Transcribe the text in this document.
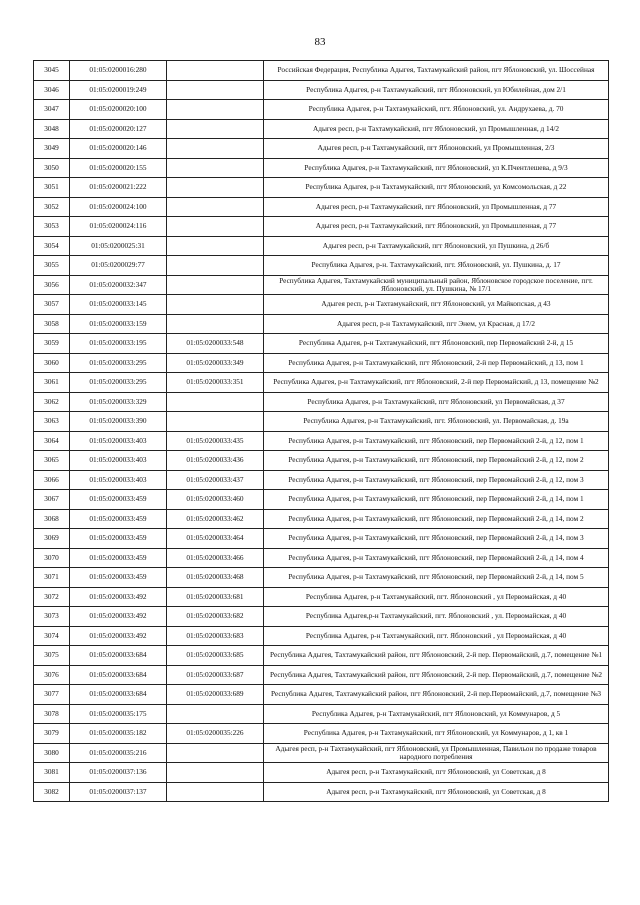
83
3045	01:05:0200016:280		Российская Федерация, Республика Адыгея, Тахтамукайский район, пгт Яблоновский, ул. Шоссейная
3046	01:05:0200019:249		Республика Адыгея, р-н Тахтамукайский, пгт Яблоновский, ул Юбилейная, дом 2/1
3047	01:05:0200020:100		Республика Адыгея, р-н Тахтамукайский, пгт. Яблоновский, ул. Андрухаева, д. 70
3048	01:05:0200020:127		Адыгея респ, р-н Тахтамукайский, пгт Яблоновский, ул Промышленная, д 14/2
3049	01:05:0200020:146		Адыгея респ, р-н Тахтамукайский, пгт Яблоновский, ул Промышленная, 2/3
3050	01:05:0200020:155		Республика Адыгея, р-н Тахтамукайский, пгт Яблоновский, ул К.Пчентлешева, д 9/3
3051	01:05:0200021:222		Республика Адыгея, р-н Тахтамукайский, пгт Яблоновский, ул Комсомольская, д 22
3052	01:05:0200024:100		Адыгея респ, р-н Тахтамукайский, пгт Яблоновский, ул Промышленная, д 77
3053	01:05:0200024:116		Адыгея респ, р-н Тахтамукайский, пгт Яблоновский, ул Промышленная, д 77
3054	01:05:0200025:31		Адыгея респ, р-н Тахтамукайский, пгт Яблоновский, ул Пушкина, д 26/б
3055	01:05:0200029:77		Республика Адыгея, р-н. Тахтамукайский, пгт. Яблоновский, ул. Пушкина, д. 17
3056	01:05:0200032:347		Республика Адыгея, Тахтамукайский муниципальный район, Яблоновское городское поселение, пгт. Яблоновский, ул. Пушкина, № 17/1
3057	01:05:0200033:145		Адыгея респ, р-н Тахтамукайский, пгт Яблоновский, ул Майкопская, д 43
3058	01:05:0200033:159		Адыгея респ, р-н Тахтамукайский, пгт Энем, ул Красная, д 17/2
3059	01:05:0200033:195	01:05:0200033:548	Республика Адыгея, р-н Тахтамукайский, пгт Яблоновский, пер Первомайский 2-й, д 15
3060	01:05:0200033:295	01:05:0200033:349	Республика Адыгея, р-н Тахтамукайский, пгт Яблоновский, 2-й пер Первомайский, д 13, пом 1
3061	01:05:0200033:295	01:05:0200033:351	Республика Адыгея, р-н Тахтамукайский, пгт Яблоновский, 2-й пер Первомайский, д 13, помещение №2
3062	01:05:0200033:329		Республика Адыгея, р-н Тахтамукайский, пгт Яблоновский, ул Первомайская, д 37
3063	01:05:0200033:390		Республика Адыгея, р-н Тахтамукайский, пгт. Яблоновский, ул. Первомайская, д. 19а
3064	01:05:0200033:403	01:05:0200033:435	Республика Адыгея, р-н Тахтамукайский, пгт Яблоновский, пер Первомайский 2-й, д 12, пом 1
3065	01:05:0200033:403	01:05:0200033:436	Республика Адыгея, р-н Тахтамукайский, пгт Яблоновский, пер Первомайский 2-й, д 12, пом 2
3066	01:05:0200033:403	01:05:0200033:437	Республика Адыгея, р-н Тахтамукайский, пгт Яблоновский, пер Первомайский 2-й, д 12, пом 3
3067	01:05:0200033:459	01:05:0200033:460	Республика Адыгея, р-н Тахтамукайский, пгт Яблоновский, пер Первомайский 2-й, д 14, пом 1
3068	01:05:0200033:459	01:05:0200033:462	Республика Адыгея, р-н Тахтамукайский, пгт Яблоновский, пер Первомайский 2-й, д 14, пом 2
3069	01:05:0200033:459	01:05:0200033:464	Республика Адыгея, р-н Тахтамукайский, пгт Яблоновский, пер Первомайский 2-й, д 14, пом 3
3070	01:05:0200033:459	01:05:0200033:466	Республика Адыгея, р-н Тахтамукайский, пгт Яблоновский, пер Первомайский 2-й, д 14, пом 4
3071	01:05:0200033:459	01:05:0200033:468	Республика Адыгея, р-н Тахтамукайский, пгт Яблоновский, пер Первомайский 2-й, д 14, пом 5
3072	01:05:0200033:492	01:05:0200033:681	Республика Адыгея, р-н Тахтамукайский, пгт. Яблоновский , ул Первомайская, д 40
3073	01:05:0200033:492	01:05:0200033:682	Республика Адыгея,р-н Тахтамукайский, пгт. Яблоновский , ул. Первомайская, д 40
3074	01:05:0200033:492	01:05:0200033:683	Республика Адыгея, р-н Тахтамукайский, пгт. Яблоновский , ул Первомайская, д 40
3075	01:05:0200033:684	01:05:0200033:685	Республика Адыгея, Тахтамукайский район, пгт Яблоновский, 2-й пер. Первомайский, д.7, помещение №1
3076	01:05:0200033:684	01:05:0200033:687	Республика Адыгея, Тахтамукайский район, пгт Яблоновский, 2-й пер. Первомайский, д.7, помещение №2
3077	01:05:0200033:684	01:05:0200033:689	Республика Адыгея, Тахтамукайский район, пгт Яблоновский, 2-й пер.Первомайский, д.7, помещение №3
3078	01:05:0200035:175		Республика Адыгея, р-н Тахтамукайский, пгт Яблоновский, ул Коммунаров, д 5
3079	01:05:0200035:182	01:05:0200035:226	Республика Адыгея, р-н Тахтамукайский, пгт Яблоновский, ул Коммунаров, д 1, кв 1
3080	01:05:0200035:216		Адыгея респ, р-н Тахтамукайский, пгт Яблоновский, ул Промышленная, Павильон по продаже товаров народного потребления
3081	01:05:0200037:136		Адыгея респ, р-н Тахтамукайский, пгт Яблоновский, ул Советская, д 8
3082	01:05:0200037:137		Адыгея респ, р-н Тахтамукайский, пгт Яблоновский, ул Советская, д 8
